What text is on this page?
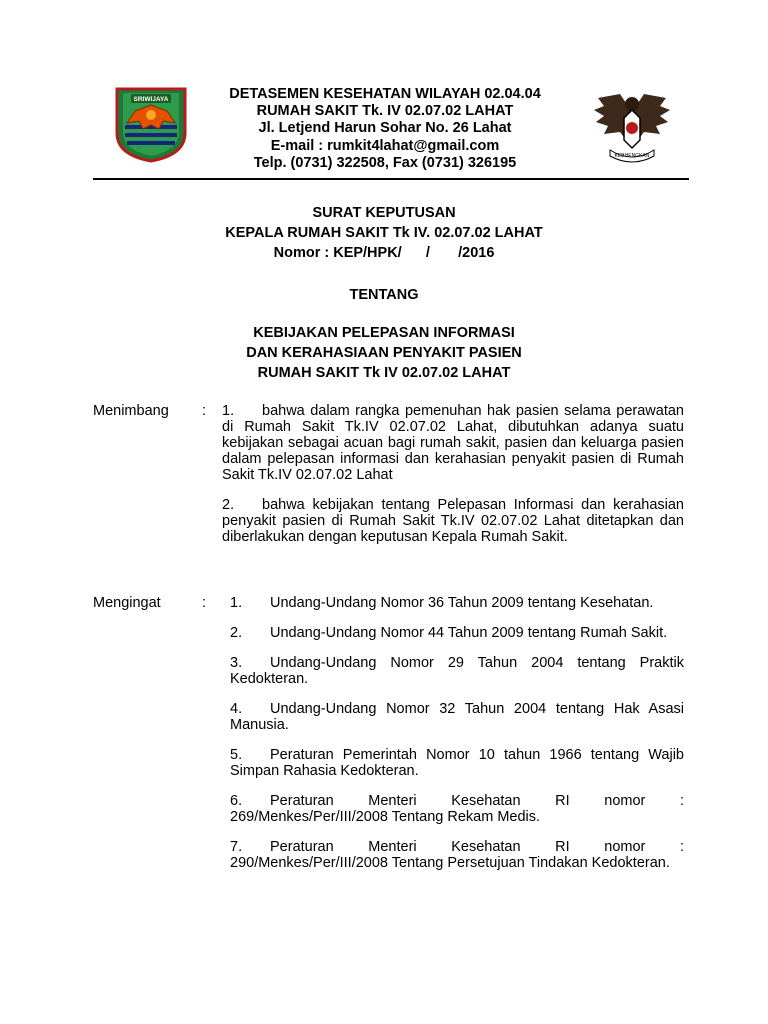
SRIWIJAYA	DETASEMEN KESEHATAN WILAYAH 02.04.04
RUMAH SAKIT Tk. IV 02.07.02 LAHAT
Jl. Letjend Harun Sohar No. 26 Lahat
E-mail : rumkit4lahat@gmail.com
Telp. (0731) 322508, Fax (0731) 326195	KEBHENGKAN
SURAT KEPUTUSAN
KEPALA RUMAH SAKIT Tk IV. 02.07.02 LAHAT
Nomor : KEP/HPK/      /       /2016
TENTANG
KEBIJAKAN PELEPASAN INFORMASI
DAN KERAHASIAAN PENYAKIT PASIEN
RUMAH SAKIT Tk IV 02.07.02 LAHAT
Menimbang : 1. bahwa dalam rangka pemenuhan hak pasien selama perawatan di Rumah Sakit Tk.IV 02.07.02 Lahat, dibutuhkan adanya suatu kebijakan sebagai acuan bagi rumah sakit, pasien dan keluarga pasien dalam pelepasan informasi dan kerahasian penyakit pasien di Rumah Sakit Tk.IV 02.07.02 Lahat

2. bahwa kebijakan tentang Pelepasan Informasi dan kerahasian penyakit pasien di Rumah Sakit Tk.IV 02.07.02 Lahat ditetapkan dan diberlakukan dengan keputusan Kepala Rumah Sakit.

Mengingat	: 1. Undang-Undang Nomor 36 Tahun 2009 tentang Kesehatan.

2. Undang-Undang Nomor 44 Tahun 2009 tentang Rumah Sakit.

3. Undang-Undang Nomor 29 Tahun 2004 tentang Praktik Kedokteran.

4. Undang-Undang Nomor 32 Tahun 2004 tentang Hak Asasi Manusia.

5. Peraturan Pemerintah Nomor 10 tahun 1966 tentang Wajib Simpan Rahasia Kedokteran.

6. Peraturan Menteri Kesehatan RI nomor : 269/Menkes/Per/III/2008 Tentang Rekam Medis.

7. Peraturan Menteri Kesehatan RI nomor : 290/Menkes/Per/III/2008 Tentang Persetujuan Tindakan Kedokteran.
